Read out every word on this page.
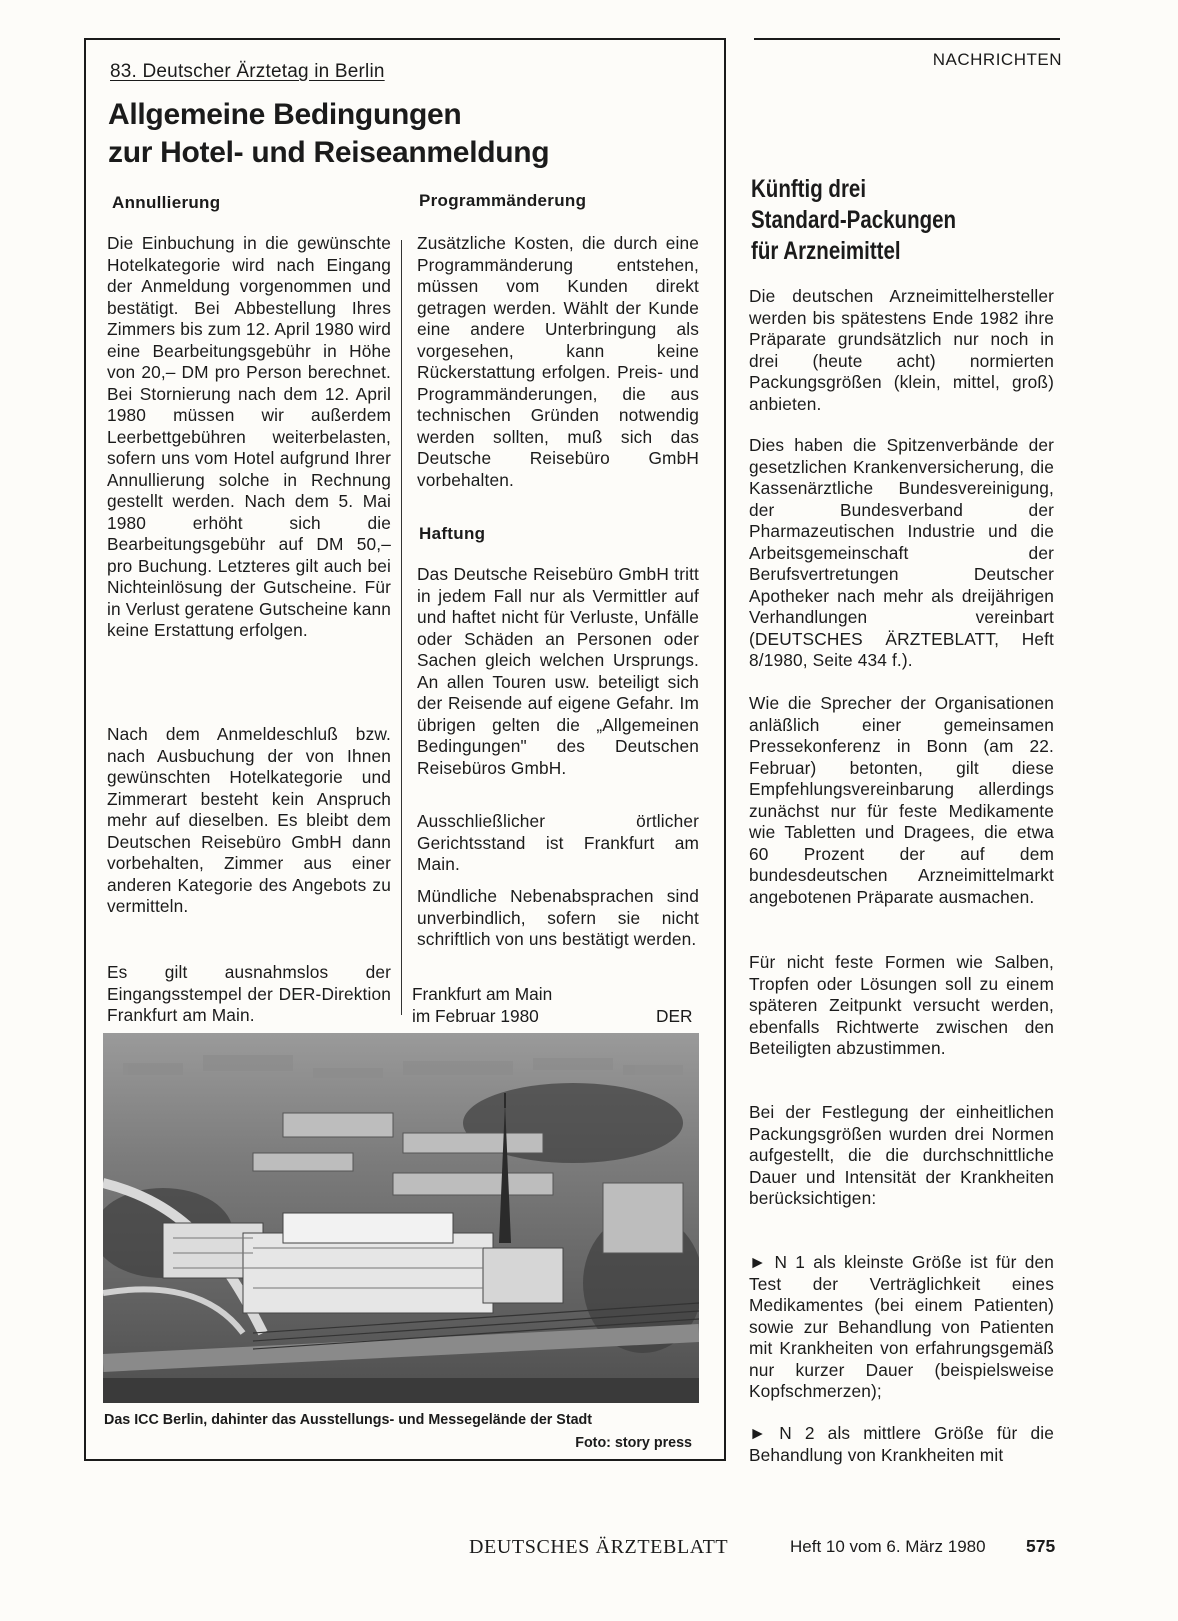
83. Deutscher Ärztetag in Berlin
Allgemeine Bedingungen
zur Hotel- und Reiseanmeldung
Annullierung	Programmänderung
Die Einbuchung in die gewünschte Hotelkategorie wird nach Eingang der Anmeldung vorgenommen und bestätigt. Bei Abbestellung Ihres Zimmers bis zum 12. April 1980 wird eine Bearbeitungsgebühr in Höhe von 20,– DM pro Person berechnet. Bei Stornierung nach dem 12. April 1980 müssen wir außerdem Leerbettgebühren weiterbelasten, sofern uns vom Hotel aufgrund Ihrer Annullierung solche in Rechnung gestellt werden. Nach dem 5. Mai 1980 erhöht sich die Bearbeitungsgebühr auf DM 50,– pro Buchung. Letzteres gilt auch bei Nichteinlösung der Gutscheine. Für in Verlust geratene Gutscheine kann keine Erstattung erfolgen.
Nach dem Anmeldeschluß bzw. nach Ausbuchung der von Ihnen gewünschten Hotelkategorie und Zimmerart besteht kein Anspruch mehr auf dieselben. Es bleibt dem Deutschen Reisebüro GmbH dann vorbehalten, Zimmer aus einer anderen Kategorie des Angebots zu vermitteln.
Es gilt ausnahmslos der Eingangsstempel der DER-Direktion Frankfurt am Main.
Zusätzliche Kosten, die durch eine Programmänderung entstehen, müssen vom Kunden direkt getragen werden. Wählt der Kunde eine andere Unterbringung als vorgesehen, kann keine Rückerstattung erfolgen. Preis- und Programmänderungen, die aus technischen Gründen notwendig werden sollten, muß sich das Deutsche Reisebüro GmbH vorbehalten.
Haftung
Das Deutsche Reisebüro GmbH tritt in jedem Fall nur als Vermittler auf und haftet nicht für Verluste, Unfälle oder Schäden an Personen oder Sachen gleich welchen Ursprungs. An allen Touren usw. beteiligt sich der Reisende auf eigene Gefahr. Im übrigen gelten die „Allgemeinen Bedingungen" des Deutschen Reisebüros GmbH.
Ausschließlicher örtlicher Gerichtsstand ist Frankfurt am Main.
Mündliche Nebenabsprachen sind unverbindlich, sofern sie nicht schriftlich von uns bestätigt werden.
Frankfurt am Main
im Februar 1980	DER
Das ICC Berlin, dahinter das Ausstellungs- und Messegelände der Stadt
Foto: story press
NACHRICHTEN
Künftig drei
Standard-Packungen
für Arzneimittel
Die deutschen Arzneimittelhersteller werden bis spätestens Ende 1982 ihre Präparate grundsätzlich nur noch in drei (heute acht) normierten Packungsgrößen (klein, mittel, groß) anbieten.
Dies haben die Spitzenverbände der gesetzlichen Krankenversicherung, die Kassenärztliche Bundesvereinigung, der Bundesverband der Pharmazeutischen Industrie und die Arbeitsgemeinschaft der Berufsvertretungen Deutscher Apotheker nach mehr als dreijährigen Verhandlungen vereinbart (DEUTSCHES ÄRZTEBLATT, Heft 8/1980, Seite 434 f.).
Wie die Sprecher der Organisationen anläßlich einer gemeinsamen Pressekonferenz in Bonn (am 22. Februar) betonten, gilt diese Empfehlungsvereinbarung allerdings zunächst nur für feste Medikamente wie Tabletten und Dragees, die etwa 60 Prozent der auf dem bundesdeutschen Arzneimittelmarkt angebotenen Präparate ausmachen.
Für nicht feste Formen wie Salben, Tropfen oder Lösungen soll zu einem späteren Zeitpunkt versucht werden, ebenfalls Richtwerte zwischen den Beteiligten abzustimmen.
Bei der Festlegung der einheitlichen Packungsgrößen wurden drei Normen aufgestellt, die die durchschnittliche Dauer und Intensität der Krankheiten berücksichtigen:
► N 1 als kleinste Größe ist für den Test der Verträglichkeit eines Medikamentes (bei einem Patienten) sowie zur Behandlung von Patienten mit Krankheiten von erfahrungsgemäß nur kurzer Dauer (beispielsweise Kopfschmerzen);
► N 2 als mittlere Größe für die Behandlung von Krankheiten mit
DEUTSCHES ÄRZTEBLATT	Heft 10 vom 6. März 1980 575
